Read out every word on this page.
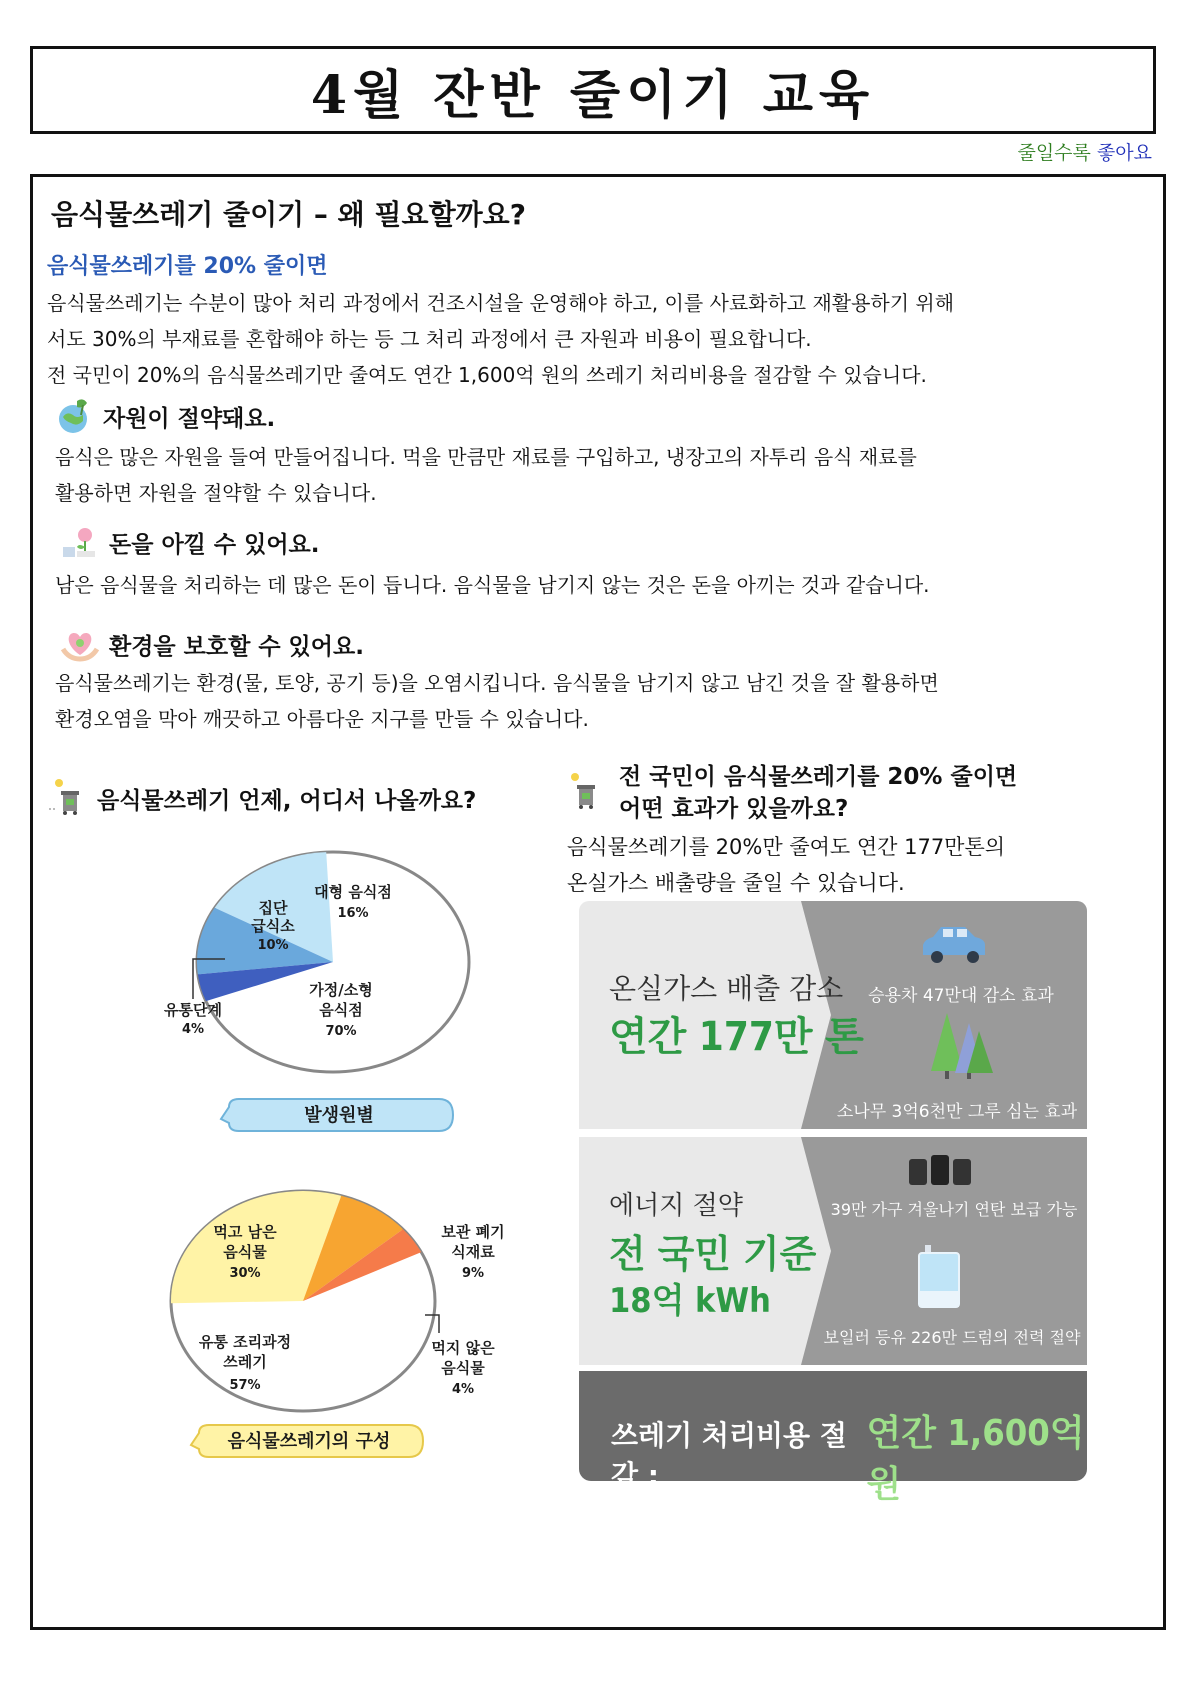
4월 잔반 줄이기 교육
줄일수록 좋아요
음식물쓰레기 줄이기 – 왜 필요할까요?
음식물쓰레기를 20% 줄이면
음식물쓰레기는 수분이 많아 처리 과정에서 건조시설을 운영해야 하고, 이를 사료화하고 재활용하기 위해
서도 30%의 부재료를 혼합해야 하는 등 그 처리 과정에서 큰 자원과 비용이 필요합니다.
전 국민이 20%의 음식물쓰레기만 줄여도 연간 1,600억 원의 쓰레기 처리비용을 절감할 수 있습니다.
자원이 절약돼요.
음식은 많은 자원을 들여 만들어집니다. 먹을 만큼만 재료를 구입하고, 냉장고의 자투리 음식 재료를
활용하면 자원을 절약할 수 있습니다.
돈을 아낄 수 있어요.
남은 음식물을 처리하는 데 많은 돈이 듭니다. 음식물을 남기지 않는 것은 돈을 아끼는 것과 같습니다.
환경을 보호할 수 있어요.
음식물쓰레기는 환경(물, 토양, 공기 등)을 오염시킵니다. 음식물을 남기지 않고 남긴 것을 잘 활용하면
환경오염을 막아 깨끗하고 아름다운 지구를 만들 수 있습니다.
음식물쓰레기 언제, 어디서 나올까요?
대형 음식점
16%
집단
급식소
10%
유통단계
4%
가정/소형
음식점
70%
발생원별
먹고 남은
음식물
30%
보관 폐기
식재료
9%
유통 조리과정
쓰레기
57%
먹지 않은
음식물
4%
음식물쓰레기의 구성
전 국민이 음식물쓰레기를 20% 줄이면
어떤 효과가 있을까요?
음식물쓰레기를 20%만 줄여도 연간 177만톤의
온실가스 배출량을 줄일 수 있습니다.
온실가스 배출 감소
연간 177만 톤
승용차 47만대 감소 효과
소나무 3억6천만 그루 심는 효과
에너지 절약
전 국민 기준
18억 kWh
39만 가구 겨울나기 연탄 보급 가능
보일러 등유 226만 드럼의 전력 절약
쓰레기 처리비용 절감 :
연간 1,600억원
